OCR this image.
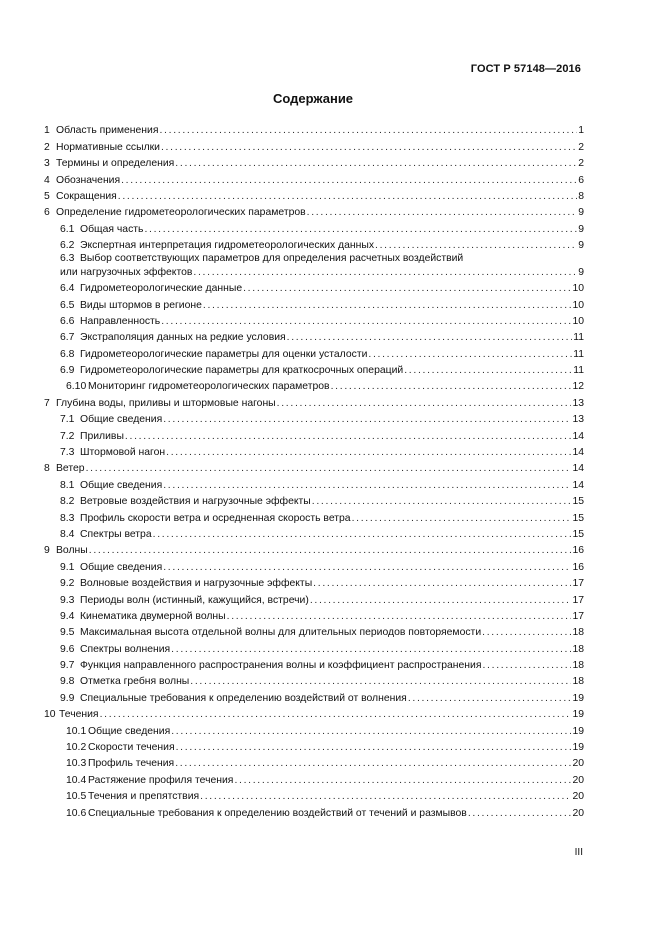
ГОСТ Р 57148—2016
Содержание
1 Область применения . . .	1
2 Нормативные ссылки . . .	2
3 Термины и определения . . .	2
4 Обозначения . . .	6
5 Сокращения . . .	8
6 Определение гидрометеорологических параметров . . .	9
6.1 Общая часть . . .	9
6.2 Экспертная интерпретация гидрометеорологических данных . . .	9
6.3 Выбор соответствующих параметров для определения расчетных воздействий
или нагрузочных эффектов . . .	9
6.4 Гидрометеорологические данные . . .	10
6.5 Виды штормов в регионе . . .	10
6.6 Направленность . . .	10
6.7 Экстраполяция данных на редкие условия . . .	11
6.8 Гидрометеорологические параметры для оценки усталости . . .	11
6.9 Гидрометеорологические параметры для краткосрочных операций . . .	11
6.10 Мониторинг гидрометеорологических параметров . . .	12
7 Глубина воды, приливы и штормовые нагоны . . .	13
7.1 Общие сведения . . .	13
7.2 Приливы . . .	14
7.3 Штормовой нагон . . .	14
8 Ветер . . .	14
8.1 Общие сведения . . .	14
8.2 Ветровые воздействия и нагрузочные эффекты . . .	15
8.3 Профиль скорости ветра и осредненная скорость ветра . . .	15
8.4 Спектры ветра . . .	15
9 Волны . . .	16
9.1 Общие сведения . . .	16
9.2 Волновые воздействия и нагрузочные эффекты . . .	17
9.3 Периоды волн (истинный, кажущийся, встречи) . . .	17
9.4 Кинематика двумерной волны . . .	17
9.5 Максимальная высота отдельной волны для длительных периодов повторяемости . . .	18
9.6 Спектры волнения . . .	18
9.7 Функция направленного распространения волны и коэффициент распространения . . .	18
9.8 Отметка гребня волны . . .	18
9.9 Специальные требования к определению воздействий от волнения . . .	19
10 Течения . . .	19
10.1 Общие сведения . . .	19
10.2 Скорости течения . . .	19
10.3 Профиль течения . . .	20
10.4 Растяжение профиля течения . . .	20
10.5 Течения и препятствия . . .	20
10.6 Специальные требования к определению воздействий от течений и размывов . . .	20
III
